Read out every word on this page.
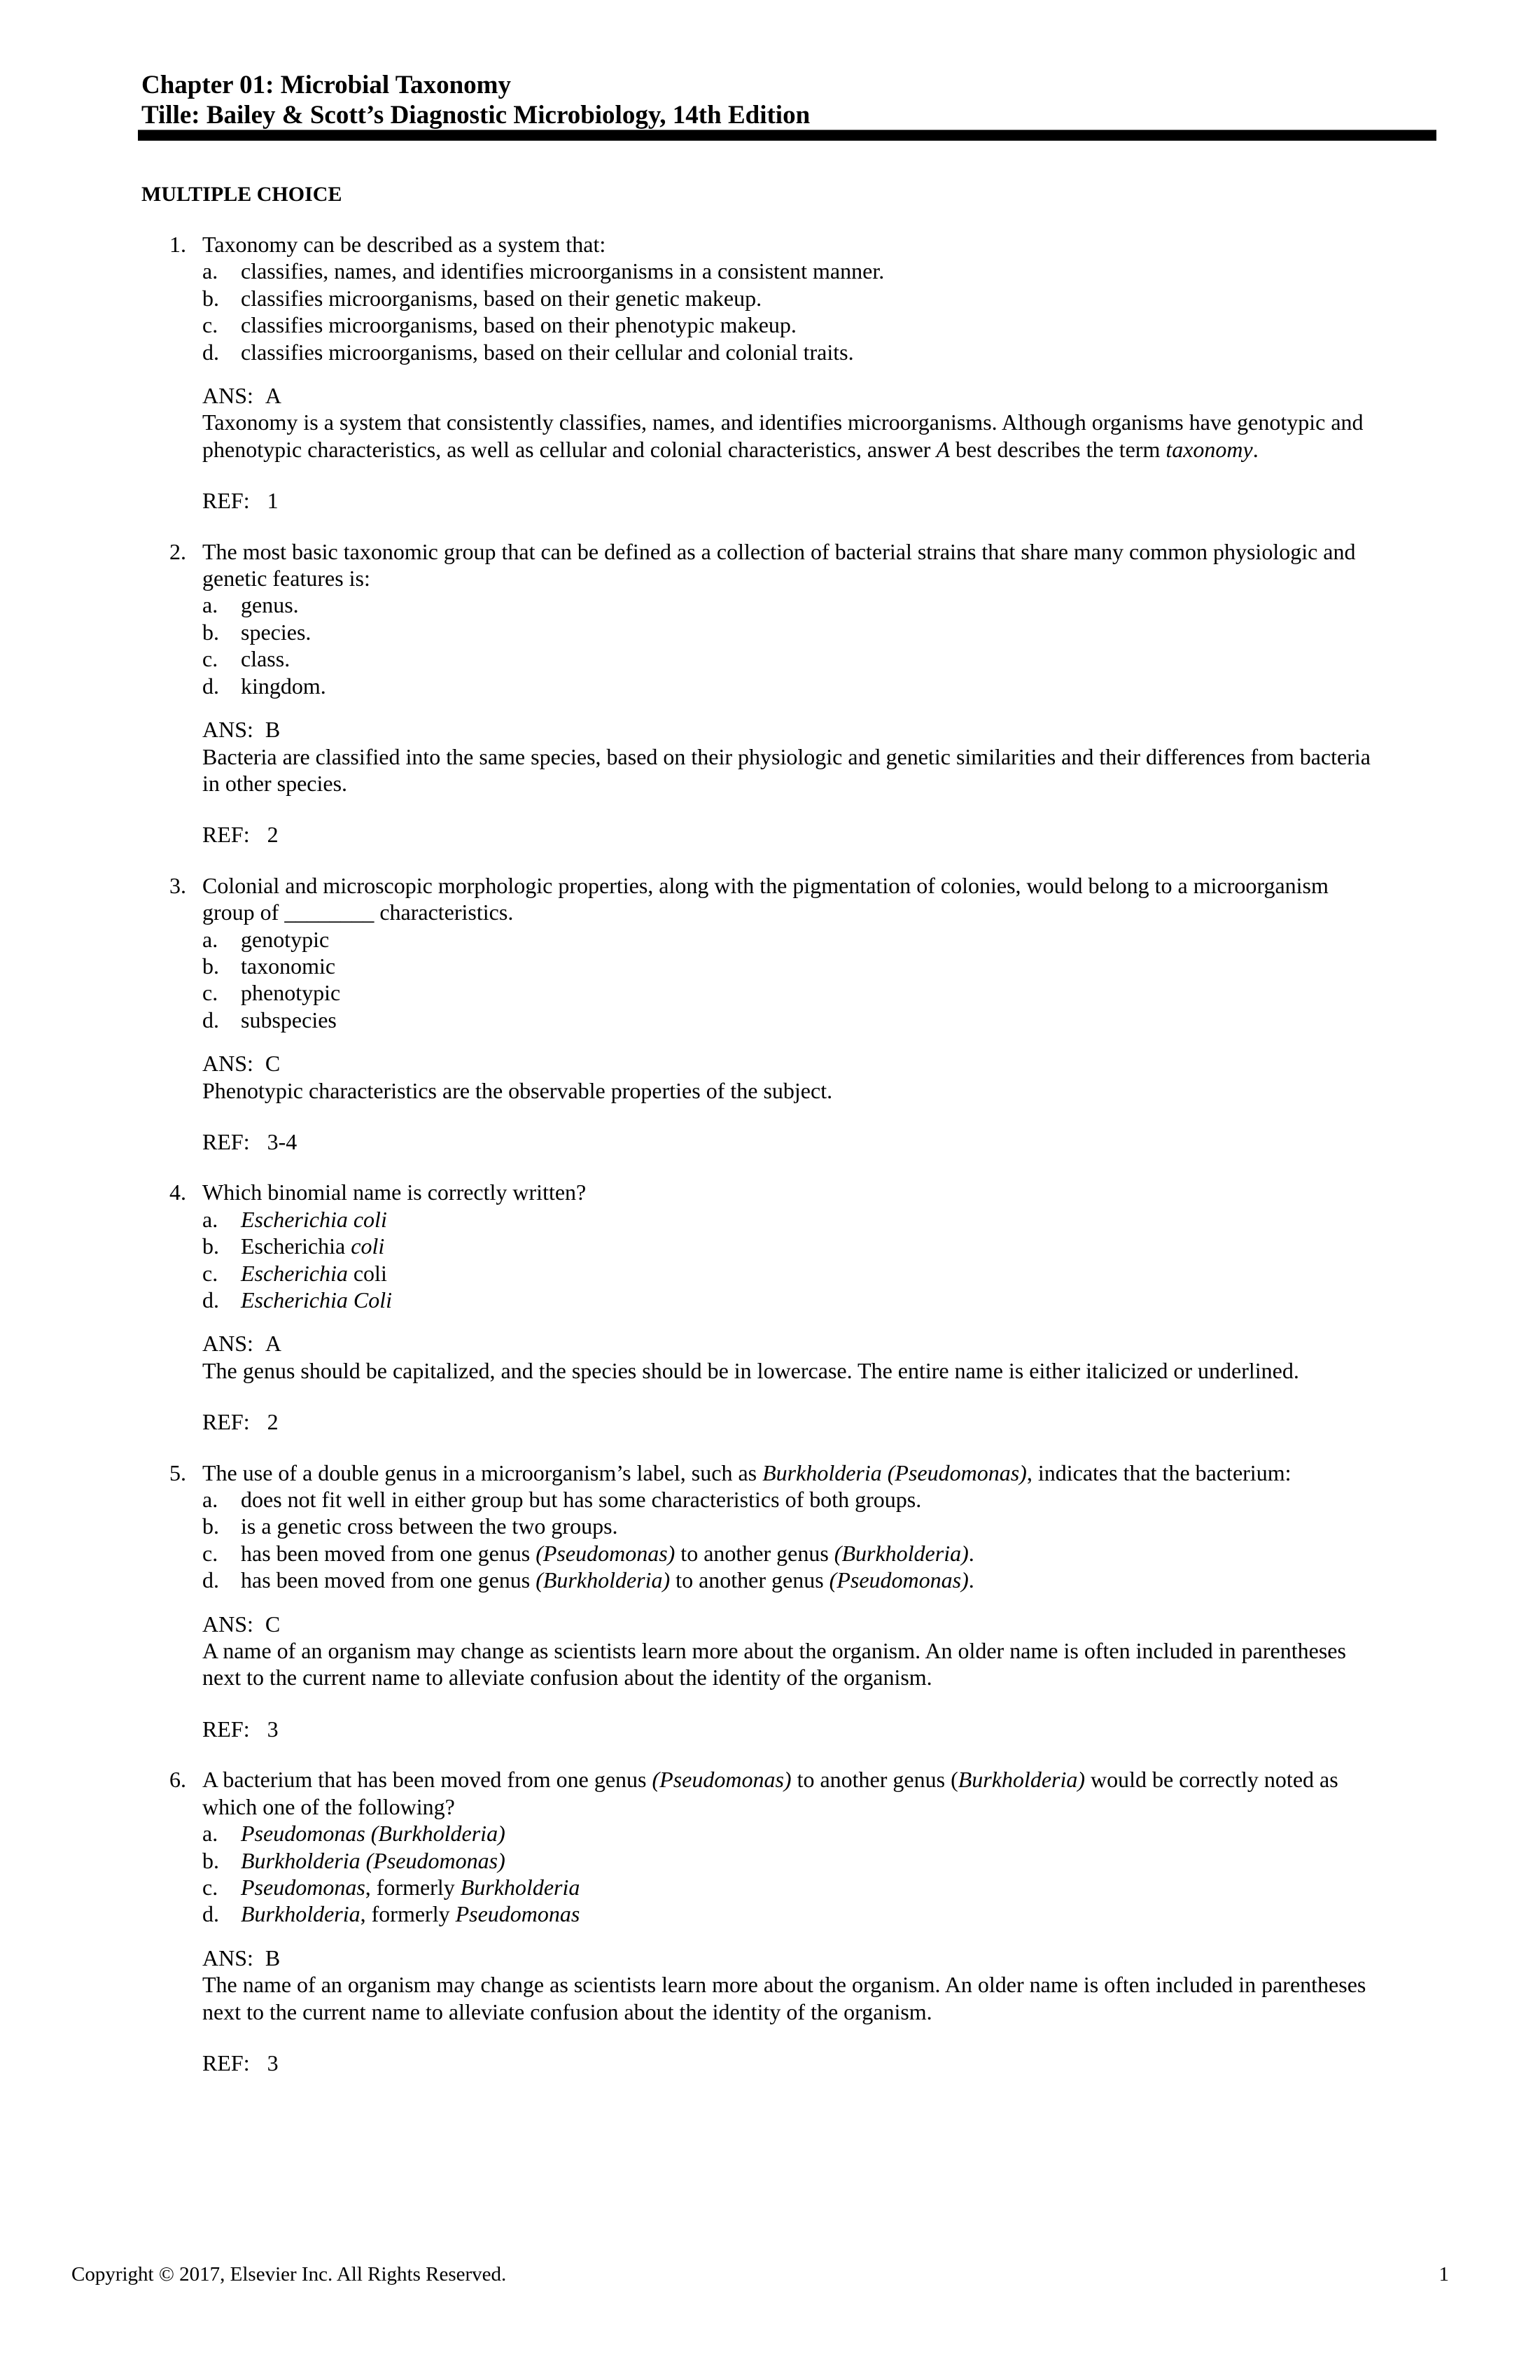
Chapter 01: Microbial Taxonomy
Tille: Bailey & Scott’s Diagnostic Microbiology, 14th Edition
MULTIPLE CHOICE
1. Taxonomy can be described as a system that:
a. classifies, names, and identifies microorganisms in a consistent manner.
b. classifies microorganisms, based on their genetic makeup.
c. classifies microorganisms, based on their phenotypic makeup.
d. classifies microorganisms, based on their cellular and colonial traits.
ANS: A
Taxonomy is a system that consistently classifies, names, and identifies microorganisms. Although organisms have genotypic and
phenotypic characteristics, as well as cellular and colonial characteristics, answer A best describes the term taxonomy.
REF: 1
2. The most basic taxonomic group that can be defined as a collection of bacterial strains that share many common physiologic and
genetic features is:
a. genus.
b. species.
c. class.
d. kingdom.
ANS: B
Bacteria are classified into the same species, based on their physiologic and genetic similarities and their differences from bacteria
in other species.
REF: 2
3. Colonial and microscopic morphologic properties, along with the pigmentation of colonies, would belong to a microorganism
group of ________ characteristics.
a. genotypic
b. taxonomic
c. phenotypic
d. subspecies
ANS: C
Phenotypic characteristics are the observable properties of the subject.
REF: 3-4
4. Which binomial name is correctly written?
a. Escherichia coli
b. Escherichia coli
c. Escherichia coli
d. Escherichia Coli
ANS: A
The genus should be capitalized, and the species should be in lowercase. The entire name is either italicized or underlined.
REF: 2
5. The use of a double genus in a microorganism’s label, such as Burkholderia (Pseudomonas), indicates that the bacterium:
a. does not fit well in either group but has some characteristics of both groups.
b. is a genetic cross between the two groups.
c. has been moved from one genus (Pseudomonas) to another genus (Burkholderia).
d. has been moved from one genus (Burkholderia) to another genus (Pseudomonas).
ANS: C
A name of an organism may change as scientists learn more about the organism. An older name is often included in parentheses
next to the current name to alleviate confusion about the identity of the organism.
REF: 3
6. A bacterium that has been moved from one genus (Pseudomonas) to another genus (Burkholderia) would be correctly noted as
which one of the following?
a. Pseudomonas (Burkholderia)
b. Burkholderia (Pseudomonas)
c. Pseudomonas, formerly Burkholderia
d. Burkholderia, formerly Pseudomonas
ANS: B
The name of an organism may change as scientists learn more about the organism. An older name is often included in parentheses
next to the current name to alleviate confusion about the identity of the organism.
REF: 3
Copyright © 2017, Elsevier Inc. All Rights Reserved.	1
